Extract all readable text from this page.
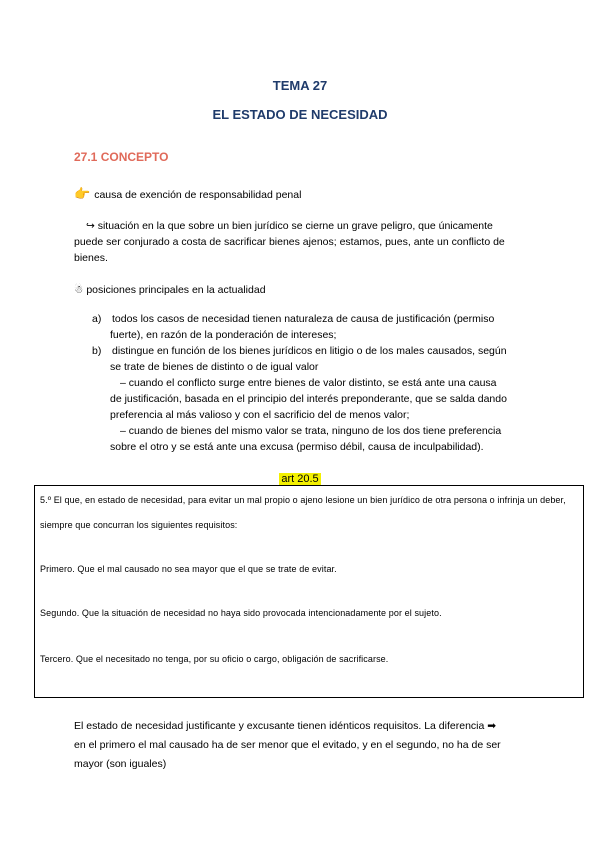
TEMA 27
EL ESTADO DE NECESIDAD
27.1 CONCEPTO
👉 causa de exención de responsabilidad penal
↪ situación en la que sobre un bien jurídico se cierne un grave peligro, que únicamente
puede ser conjurado a costa de sacrificar bienes ajenos; estamos, pues, ante un conflicto de
bienes.
☃ posiciones principales en la actualidad
a) todos los casos de necesidad tienen naturaleza de causa de justificación (permiso
fuerte), en razón de la ponderación de intereses;
b) distingue en función de los bienes jurídicos en litigio o de los males causados, según
se trate de bienes de distinto o de igual valor
– cuando el conflicto surge entre bienes de valor distinto, se está ante una causa
de justificación, basada en el principio del interés preponderante, que se salda dando
preferencia al más valioso y con el sacrificio del de menos valor;
– cuando de bienes del mismo valor se trata, ninguno de los dos tiene preferencia
sobre el otro y se está ante una excusa (permiso débil, causa de inculpabilidad).
art 20.5
5.º El que, en estado de necesidad, para evitar un mal propio o ajeno lesione un bien jurídico de otra persona o infrinja un deber,
siempre que concurran los siguientes requisitos:
Primero. Que el mal causado no sea mayor que el que se trate de evitar.
Segundo. Que la situación de necesidad no haya sido provocada intencionadamente por el sujeto.
Tercero. Que el necesitado no tenga, por su oficio o cargo, obligación de sacrificarse.
El estado de necesidad justificante y excusante tienen idénticos requisitos. La diferencia ➡
en el primero el mal causado ha de ser menor que el evitado, y en el segundo, no ha de ser
mayor (son iguales)
